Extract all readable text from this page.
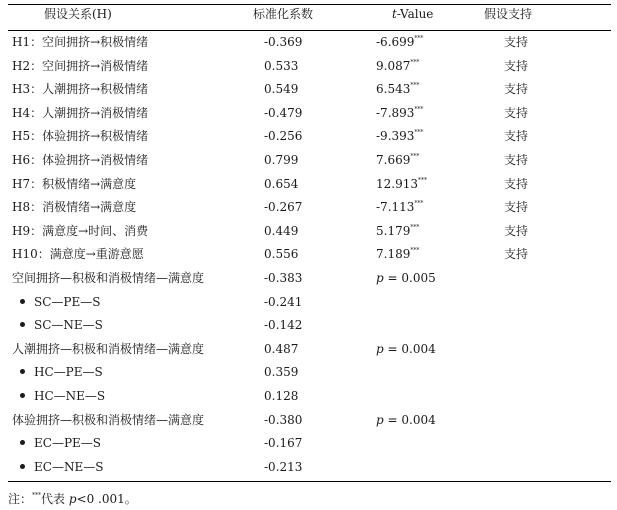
假设关系(H)	标准化系数	t-Value	假设支持
H1：空间拥挤→积极情绪	-0.369	-6.699***	支持
H2：空间拥挤→消极情绪	0.533	9.087***	支持
H3：人潮拥挤→积极情绪	0.549	6.543***	支持
H4：人潮拥挤→消极情绪	-0.479	-7.893***	支持
H5：体验拥挤→积极情绪	-0.256	-9.393***	支持
H6：体验拥挤→消极情绪	0.799	7.669***	支持
H7：积极情绪→满意度	0.654	12.913***	支持
H8：消极情绪→满意度	-0.267	-7.113***	支持
H9：满意度→时间、消费	0.449	5.179***	支持
H10：满意度→重游意愿	0.556	7.189***	支持
空间拥挤—积极和消极情绪—满意度	-0.383	p = 0.005
SC—PE—S	-0.241
SC—NE—S	-0.142
人潮拥挤—积极和消极情绪—满意度	0.487	p = 0.004
HC—PE—S	0.359
HC—NE—S	0.128
体验拥挤—积极和消极情绪—满意度	-0.380	p = 0.004
EC—PE—S	-0.167
EC—NE—S	-0.213
注：***代表 p<0 .001。
